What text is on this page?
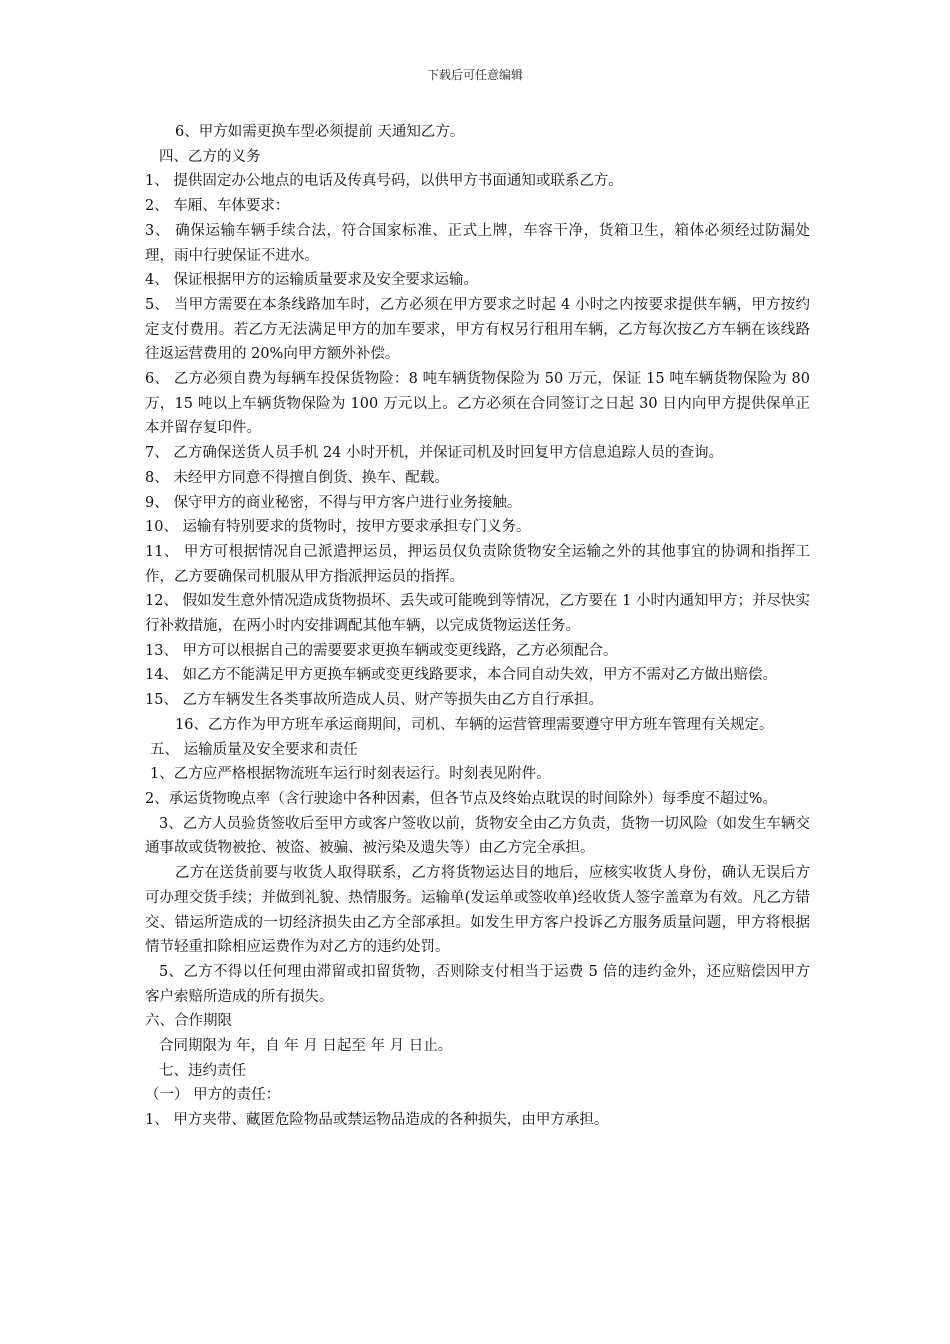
下载后可任意编辑

6、甲方如需更换车型必须提前 天通知乙方。

四、乙方的义务

1、 提供固定办公地点的电话及传真号码，以供甲方书面通知或联系乙方。

2、 车厢、车体要求：

3、 确保运输车辆手续合法，符合国家标准、正式上牌，车容干净，货箱卫生，箱体必须经过防漏处理，雨中行驶保证不进水。

4、 保证根据甲方的运输质量要求及安全要求运输。

5、 当甲方需要在本条线路加车时，乙方必须在甲方要求之时起 4 小时之内按要求提供车辆，甲方按约定支付费用。若乙方无法满足甲方的加车要求，甲方有权另行租用车辆，乙方每次按乙方车辆在该线路往返运营费用的 20%向甲方额外补偿。

6、 乙方必须自费为每辆车投保货物险：8 吨车辆货物保险为 50 万元，保证 15 吨车辆货物保险为 80 万，15 吨以上车辆货物保险为 100 万元以上。乙方必须在合同签订之日起 30 日内向甲方提供保单正本并留存复印件。

7、 乙方确保送货人员手机 24 小时开机，并保证司机及时回复甲方信息追踪人员的查询。

8、 未经甲方同意不得擅自倒货、换车、配载。

9、 保守甲方的商业秘密，不得与甲方客户进行业务接触。

10、 运输有特别要求的货物时，按甲方要求承担专门义务。

11、 甲方可根据情况自己派遣押运员，押运员仅负责除货物安全运输之外的其他事宜的协调和指挥工作，乙方要确保司机服从甲方指派押运员的指挥。

12、 假如发生意外情况造成货物损坏、丢失或可能晚到等情况，乙方要在 1 小时内通知甲方；并尽快实行补救措施，在两小时内安排调配其他车辆，以完成货物运送任务。

13、 甲方可以根据自己的需要要求更换车辆或变更线路，乙方必须配合。

14、 如乙方不能满足甲方更换车辆或变更线路要求，本合同自动失效，甲方不需对乙方做出赔偿。

15、 乙方车辆发生各类事故所造成人员、财产等损失由乙方自行承担。

16、乙方作为甲方班车承运商期间，司机、车辆的运营管理需要遵守甲方班车管理有关规定。

五、 运输质量及安全要求和责任

1、乙方应严格根据物流班车运行时刻表运行。时刻表见附件。

2、承运货物晚点率（含行驶途中各种因素，但各节点及终始点耽误的时间除外）每季度不超过%。

3、乙方人员验货签收后至甲方或客户签收以前，货物安全由乙方负责，货物一切风险（如发生车辆交通事故或货物被抢、被盗、被骗、被污染及遗失等）由乙方完全承担。

乙方在送货前要与收货人取得联系，乙方将货物运达目的地后，应核实收货人身份，确认无误后方可办理交货手续；并做到礼貌、热情服务。运输单(发运单或签收单)经收货人签字盖章为有效。凡乙方错交、错运所造成的一切经济损失由乙方全部承担。如发生甲方客户投诉乙方服务质量问题，甲方将根据情节轻重扣除相应运费作为对乙方的违约处罚。

5、乙方不得以任何理由滞留或扣留货物，否则除支付相当于运费 5 倍的违约金外，还应赔偿因甲方客户索赔所造成的所有损失。

六、合作期限

合同期限为 年，自 年 月 日起至 年 月 日止。

七、违约责任

（一） 甲方的责任：

1、 甲方夹带、藏匿危险物品或禁运物品造成的各种损失，由甲方承担。
